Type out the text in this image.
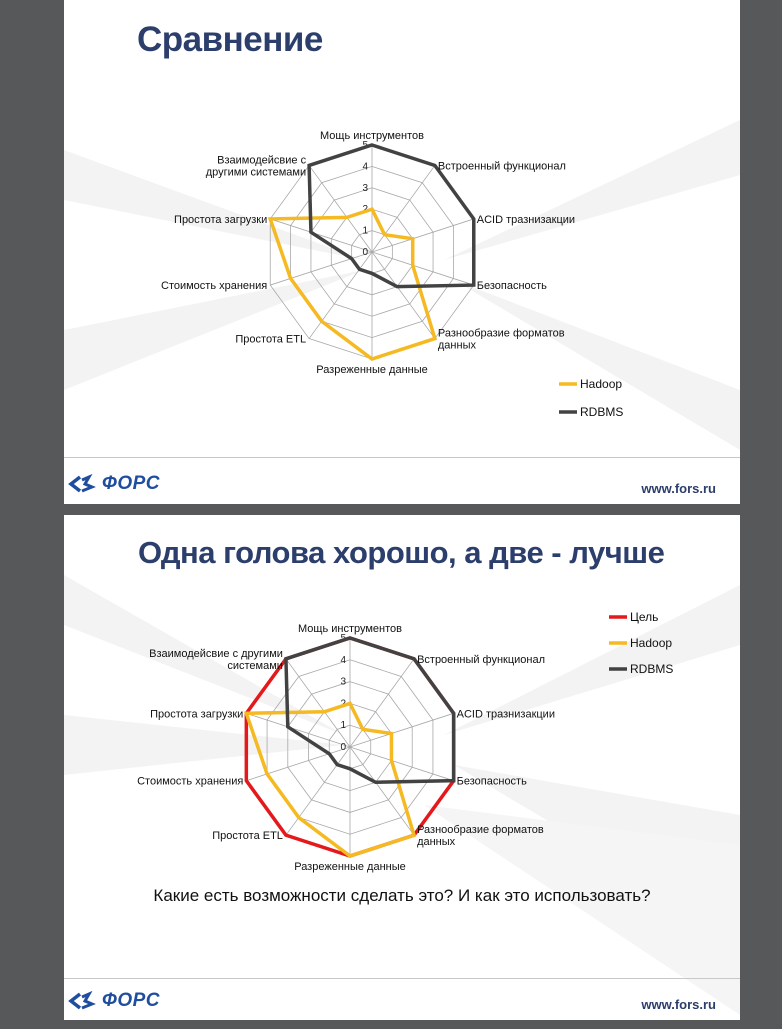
Сравнение
0
1
2
3
4
5
Мощь инструментов
Встроенный функционал
ACID тразнизакции
Безопасность
Разнообразие форматов данных
Разреженные данные
Простота ETL
Стоимость хранения
Простота загрузки
Взаимодейсвие с другими системами
Hadoop
RDBMS
ФОРС	www.fors.ru
Одна голова хорошо, а две - лучше
0
1
2
3
4
5
Мощь инструментов
Встроенный функционал
ACID тразнизакции
Безопасность
Разнообразие форматов данных
Разреженные данные
Простота ETL
Стоимость хранения
Простота загрузки
Взаимодейсвие с другими системами
Цель
Hadoop
RDBMS
Какие есть возможности сделать это? И как это использовать?
ФОРС	www.fors.ru
